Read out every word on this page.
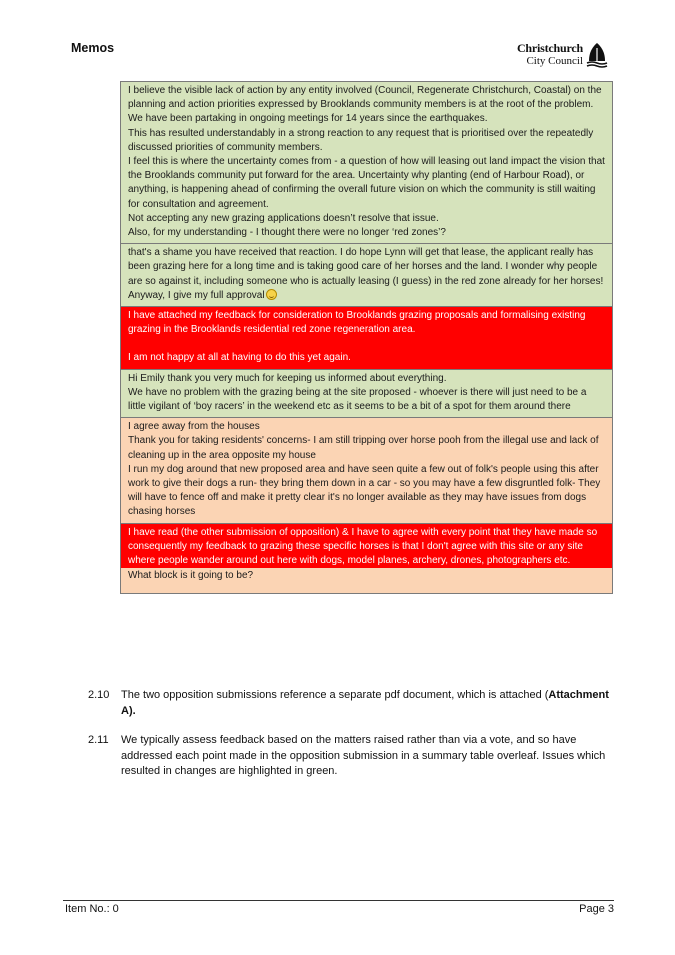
Memos	Christchurch
City Council

I believe the visible lack of action by any entity involved (Council, Regenerate Christchurch, Coastal) on the planning and action priorities expressed by Brooklands community members is at the root of the problem. We have been partaking in ongoing meetings for 14 years since the earthquakes.

This has resulted understandably in a strong reaction to any request that is prioritised over the repeatedly discussed priorities of community members.

I feel this is where the uncertainty comes from - a question of how will leasing out land impact the vision that the Brooklands community put forward for the area. Uncertainty why planting (end of Harbour Road), or anything, is happening ahead of confirming the overall future vision on which the community is still waiting for consultation and agreement.

Not accepting any new grazing applications doesn’t resolve that issue.

Also, for my understanding - I thought there were no longer ‘red zones’?

that's a shame you have received that reaction. I do hope Lynn will get that lease, the applicant really has been grazing here for a long time and is taking good care of her horses and the land. I wonder why people are so against it, including someone who is actually leasing (I guess) in the red zone already for her horses!

Anyway, I give my full approval

I have attached my feedback for consideration to Brooklands grazing proposals and formalising existing grazing in the Brooklands residential red zone regeneration area.

I am not happy at all at having to do this yet again.

Hi Emily thank you very much for keeping us informed about everything.

We have no problem with the grazing being at the site proposed - whoever is there will just need to be a little vigilant of ‘boy racers’ in the weekend etc as it seems to be a bit of a spot for them around there

I agree away from the houses

Thank you for taking residents' concerns- I am still tripping over horse pooh from the illegal use and lack of cleaning up in the area opposite my house

I run my dog around that new proposed area and have seen quite a few out of folk's people using this after work to give their dogs a run- they bring them down in a car - so you may have a few disgruntled folk- They will have to fence off and make it pretty clear it's no longer available as they may have issues from dogs chasing horses

I have read (the other submission of opposition) & I have to agree with every point that they have made so consequently my feedback to grazing these specific horses is that I don't agree with this site or any site where people wander around out here with dogs, model planes, archery, drones, photographers etc.

What block is it going to be?

2.10 The two opposition submissions reference a separate pdf document, which is attached (Attachment A).
2.11 We typically assess feedback based on the matters raised rather than via a vote, and so have addressed each point made in the opposition submission in a summary table overleaf. Issues which resulted in changes are highlighted in green.
Item No.: 0	Page 3
